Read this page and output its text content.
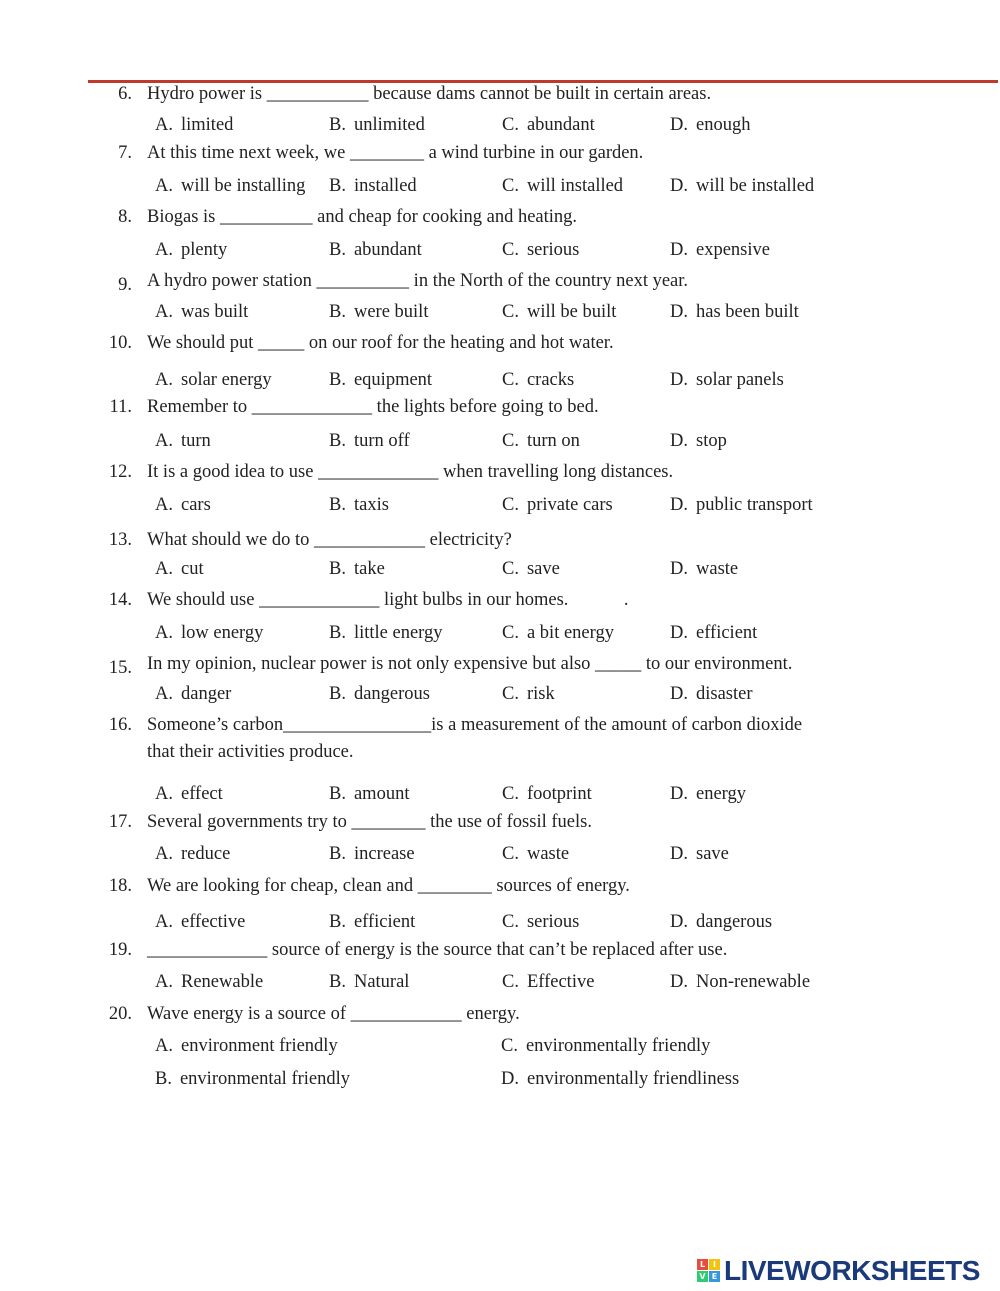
6. Hydro power is ___________ because dams cannot be built in certain areas.
A. limited	B. unlimited	C. abundant	D. enough
7. At this time next week, we ________ a wind turbine in our garden.
A. will be installing B. installed	C. will installed	D. will be installed
8. Biogas is __________ and cheap for cooking and heating.
A. plenty	B. abundant	C. serious	D. expensive
9. A hydro power station __________ in the North of the country next year.
A. was built	B. were built	C. will be built	D. has been built
10. We should put _____ on our roof for the heating and hot water.
A. solar energy	B. equipment	C. cracks	D. solar panels
11. Remember to _____________ the lights before going to bed.
A. turn	B. turn off	C. turn on	D. stop
12. It is a good idea to use _____________ when travelling long distances.
A. cars	B. taxis	C. private cars	D. public transport
13. What should we do to ____________ electricity?
A. cut	B. take	C. save	D. waste
14. We should use _____________ light bulbs in our homes.            .
A. low energy	B. little energy	C. a bit energy	D. efficient
15. In my opinion, nuclear power is not only expensive but also _____ to our environment.
A. danger	B. dangerous	C. risk	D. disaster
16. Someone’s carbon________________is a measurement of the amount of carbon dioxide
that their activities produce.
A. effect	B. amount	C. footprint	D. energy
17. Several governments try to ________ the use of fossil fuels.
A. reduce	B. increase	C. waste	D. save
18. We are looking for cheap, clean and ________ sources of energy.
A. effective	B. efficient	C. serious	D. dangerous
19. _____________ source of energy is the source that can’t be replaced after use.
A. Renewable	B. Natural	C. Effective	D. Non-renewable
20. Wave energy is a source of ____________ energy.
A. environment friendly	C. environmentally friendly
B. environmental friendly	D. environmentally friendliness
L I
V E LIVEWORKSHEETS
